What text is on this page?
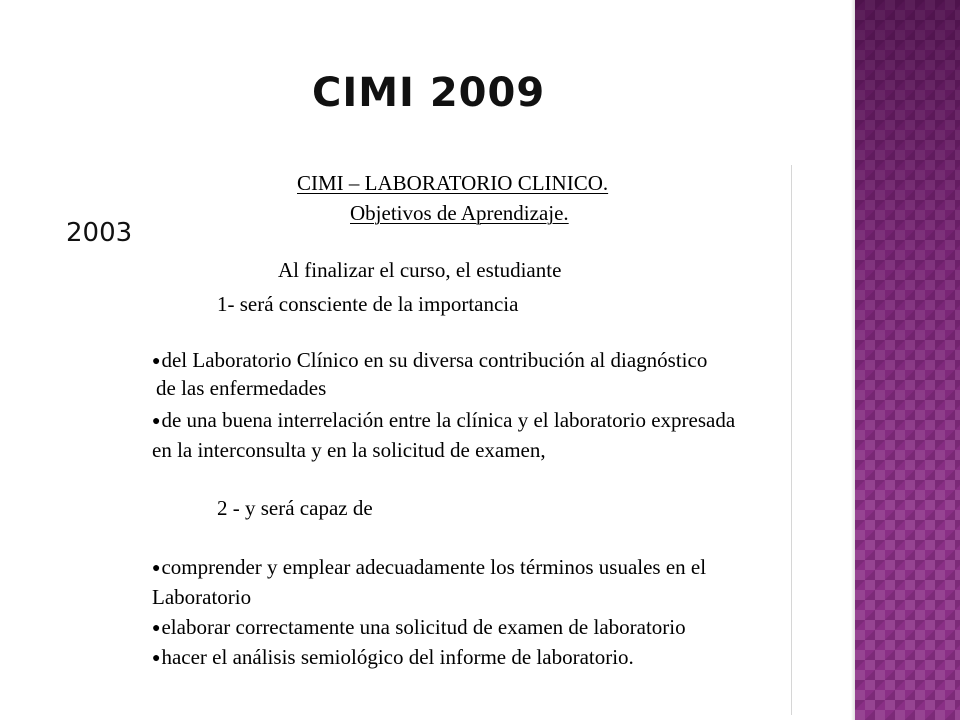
CIMI 2009

2003

CIMI – LABORATORIO CLINICO.
Objetivos de Aprendizaje.
Al finalizar el curso, el estudiante
1- será consciente de la importancia
●del Laboratorio Clínico en su diversa contribución al diagnóstico
de las enfermedades
●de una buena interrelación entre la clínica y el laboratorio expresada
en la interconsulta y en la solicitud de examen,
2 - y será capaz de
●comprender y emplear adecuadamente los términos usuales en el
Laboratorio
●elaborar correctamente una solicitud de examen de laboratorio
●hacer el análisis semiológico del informe de laboratorio.
